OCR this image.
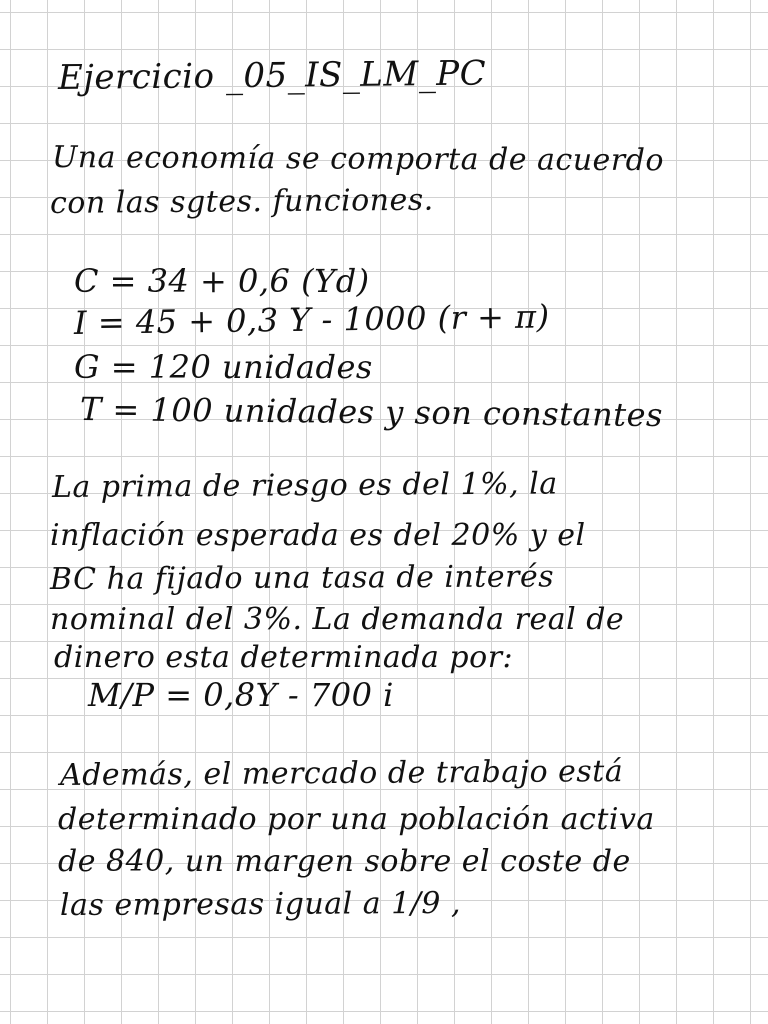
Ejercicio _05_IS_LM_PC
Una economía se comporta de acuerdo
con las sgtes. funciones.
C = 34 + 0,6 (Yd)
I = 45 + 0,3 Y - 1000 (r + π)
G = 120 unidades
T = 100 unidades y son constantes
La prima de riesgo es del 1%, la
inflación esperada es del 20% y el
BC ha fijado una tasa de interés
nominal del 3%. La demanda real de
dinero esta determinada por:
M/P = 0,8Y - 700 i
Además, el mercado de trabajo está
determinado por una población activa
de 840, un margen sobre el coste de
las empresas igual a 1/9 ,
